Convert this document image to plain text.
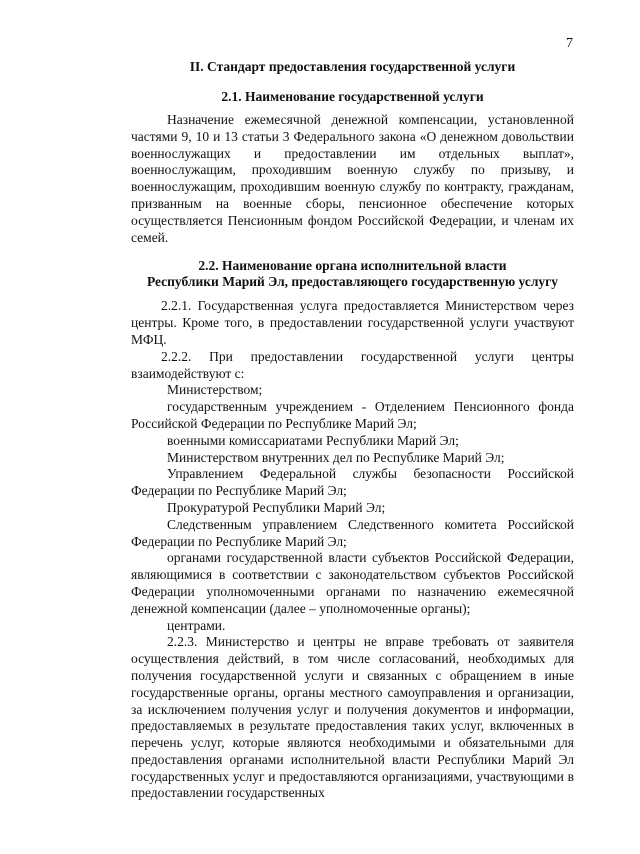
7
II. Стандарт предоставления государственной услуги
2.1. Наименование государственной услуги

Назначение ежемесячной денежной компенсации, установленной частями 9, 10 и 13 статьи 3 Федерального закона «О денежном довольствии военнослужащих и предоставлении им отдельных выплат», военнослужащим, проходившим военную службу по призыву, и военнослужащим, проходившим военную службу по контракту, гражданам, призванным на военные сборы, пенсионное обеспечение которых осуществляется Пенсионным фондом Российской Федерации, и членам их семей.

2.2. Наименование органа исполнительной власти
Республики Марий Эл, предоставляющего государственную услугу

2.2.1. Государственная услуга предоставляется Министерством через центры. Кроме того, в предоставлении государственной услуги участвуют МФЦ.

2.2.2. При предоставлении государственной услуги центры взаимодействуют с:

Министерством;

государственным учреждением - Отделением Пенсионного фонда Российской Федерации по Республике Марий Эл;

военными комиссариатами Республики Марий Эл;

Министерством внутренних дел по Республике Марий Эл;

Управлением Федеральной службы безопасности Российской Федерации по Республике Марий Эл;

Прокуратурой Республики Марий Эл;

Следственным управлением Следственного комитета Российской Федерации по Республике Марий Эл;

органами государственной власти субъектов Российской Федерации, являющимися в соответствии с законодательством субъектов Российской Федерации уполномоченными органами по назначению ежемесячной денежной компенсации (далее – уполномоченные органы);

центрами.

2.2.3. Министерство и центры не вправе требовать от заявителя осуществления действий, в том числе согласований, необходимых для получения государственной услуги и связанных с обращением в иные государственные органы, органы местного самоуправления и организации, за исключением получения услуг и получения документов и информации, предоставляемых в результате предоставления таких услуг, включенных в перечень услуг, которые являются необходимыми и обязательными для предоставления органами исполнительной власти Республики Марий Эл государственных услуг и предоставляются организациями, участвующими в предоставлении государственных
